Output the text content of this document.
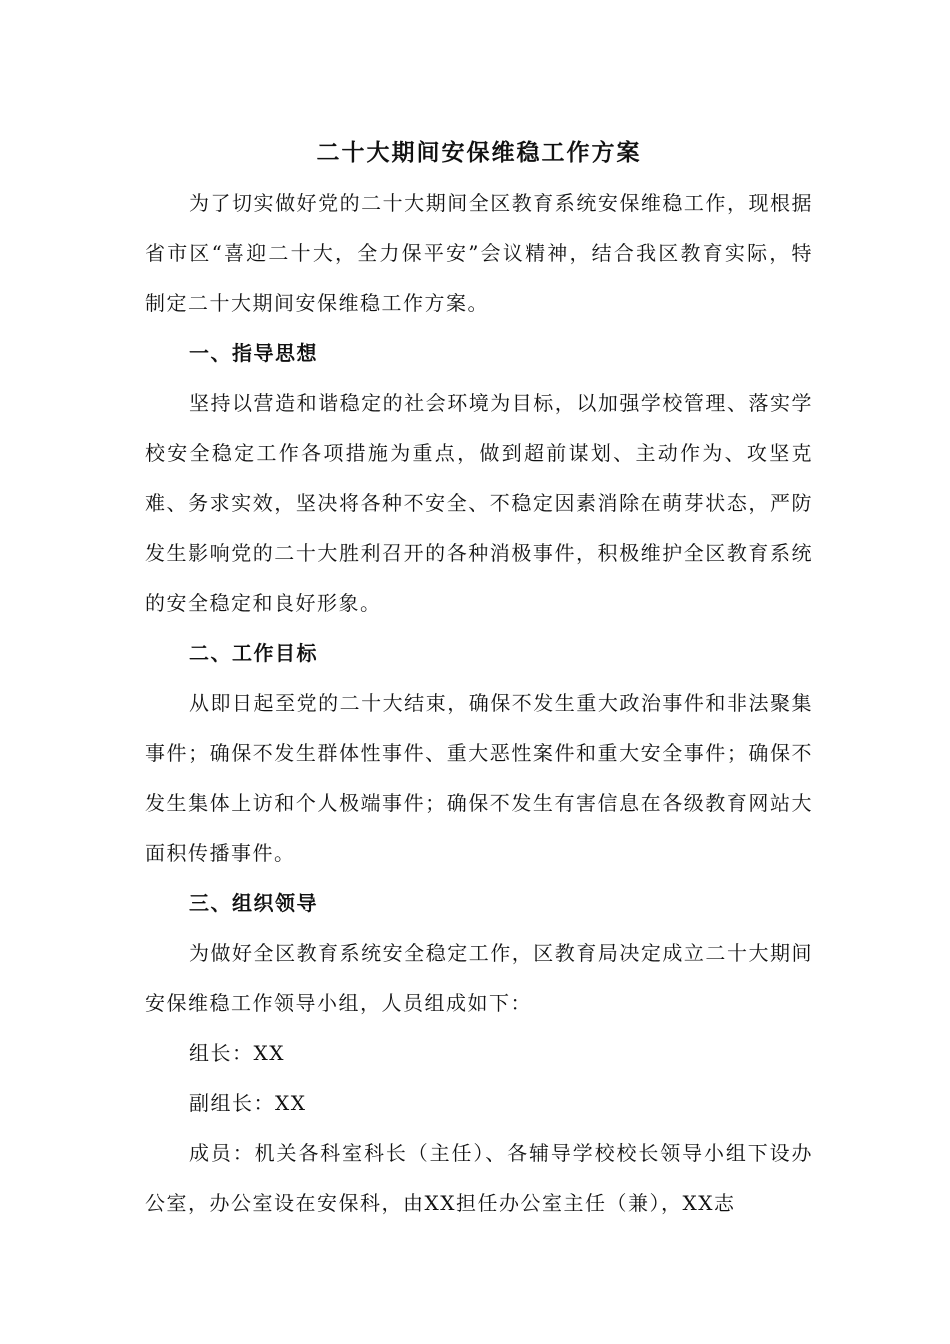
二十大期间安保维稳工作方案

为了切实做好党的二十大期间全区教育系统安保维稳工作，现根据省市区“喜迎二十大，全力保平安”会议精神，结合我区教育实际，特制定二十大期间安保维稳工作方案。

一、指导思想

坚持以营造和谐稳定的社会环境为目标，以加强学校管理、落实学校安全稳定工作各项措施为重点，做到超前谋划、主动作为、攻坚克难、务求实效，坚决将各种不安全、不稳定因素消除在萌芽状态，严防发生影响党的二十大胜利召开的各种消极事件，积极维护全区教育系统的安全稳定和良好形象。

二、工作目标

从即日起至党的二十大结束，确保不发生重大政治事件和非法聚集事件；确保不发生群体性事件、重大恶性案件和重大安全事件；确保不发生集体上访和个人极端事件；确保不发生有害信息在各级教育网站大面积传播事件。

三、组织领导

为做好全区教育系统安全稳定工作，区教育局决定成立二十大期间安保维稳工作领导小组，人员组成如下：

组长：XX

副组长：XX

成员：机关各科室科长（主任）、各辅导学校校长领导小组下设办公室，办公室设在安保科，由XX担任办公室主任（兼），XX志
